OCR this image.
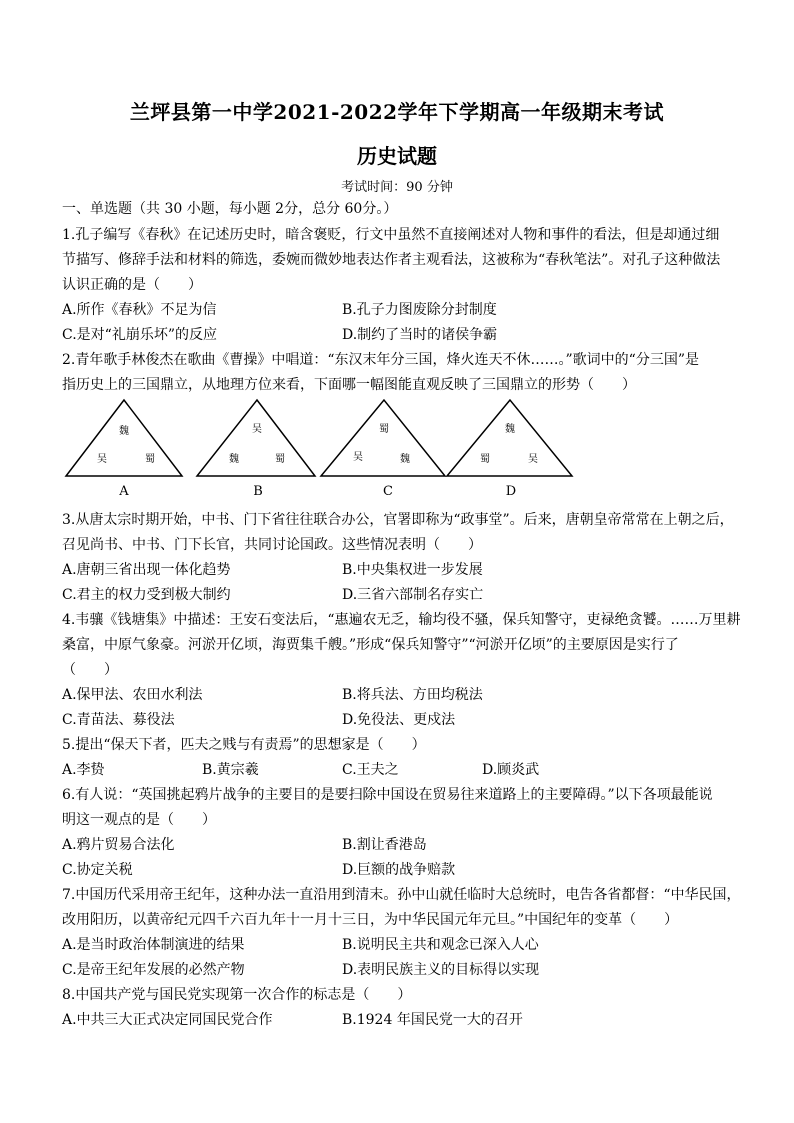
兰坪县第一中学2021-2022学年下学期高一年级期末考试
历史试题
考试时间：90 分钟
一、单选题（共 30 小题，每小题 2分，总分 60分。）
1.孔子编写《春秋》在记述历史时，暗含褒贬，行文中虽然不直接阐述对人物和事件的看法，但是却通过细
节描写、修辞手法和材料的筛选，委婉而微妙地表达作者主观看法，这被称为“春秋笔法”。对孔子这种做法
认识正确的是（　　）
A.所作《春秋》不足为信	B.孔子力图废除分封制度
C.是对“礼崩乐坏”的反应	D.制约了当时的诸侯争霸
2.青年歌手林俊杰在歌曲《曹操》中唱道：“东汉末年分三国，烽火连天不休……。”歌词中的“分三国”是
指历史上的三国鼎立，从地理方位来看，下面哪一幅图能直观反映了三国鼎立的形势（　　）
魏
吴	蜀
A
吴
魏	蜀
B
蜀
吴	魏
C
魏
蜀	吴
D
3.从唐太宗时期开始，中书、门下省往往联合办公，官署即称为“政事堂”。后来，唐朝皇帝常常在上朝之后，
召见尚书、中书、门下长官，共同讨论国政。这些情况表明（　　）
A.唐朝三省出现一体化趋势	B.中央集权进一步发展
C.君主的权力受到极大制约	D.三省六部制名存实亡
4.韦骧《钱塘集》中描述：王安石变法后，“惠遍农无乏，输均役不骚，保兵知警守，吏禄绝贪饕。……万里耕
桑富，中原气象豪。河淤开亿顷，海贾集千艘。”形成“保兵知警守”“河淤开亿顷”的主要原因是实行了
（　　）
A.保甲法、农田水利法	B.将兵法、方田均税法
C.青苗法、募役法	D.免役法、更戍法
5.提出“保天下者，匹夫之贱与有责焉”的思想家是（　　）
A.李贽	B.黄宗羲	C.王夫之	D.顾炎武
6.有人说：“英国挑起鸦片战争的主要目的是要扫除中国设在贸易往来道路上的主要障碍。”以下各项最能说
明这一观点的是（　　）
A.鸦片贸易合法化	B.割让香港岛
C.协定关税	D.巨额的战争赔款
7.中国历代采用帝王纪年，这种办法一直沿用到清末。孙中山就任临时大总统时，电告各省都督：“中华民国，
改用阳历，以黄帝纪元四千六百九年十一月十三日，为中华民国元年元旦。”中国纪年的变革（　　）
A.是当时政治体制演进的结果	B.说明民主共和观念已深入人心
C.是帝王纪年发展的必然产物	D.表明民族主义的目标得以实现
8.中国共产党与国民党实现第一次合作的标志是（　　）
A.中共三大正式决定同国民党合作	B.1924 年国民党一大的召开
